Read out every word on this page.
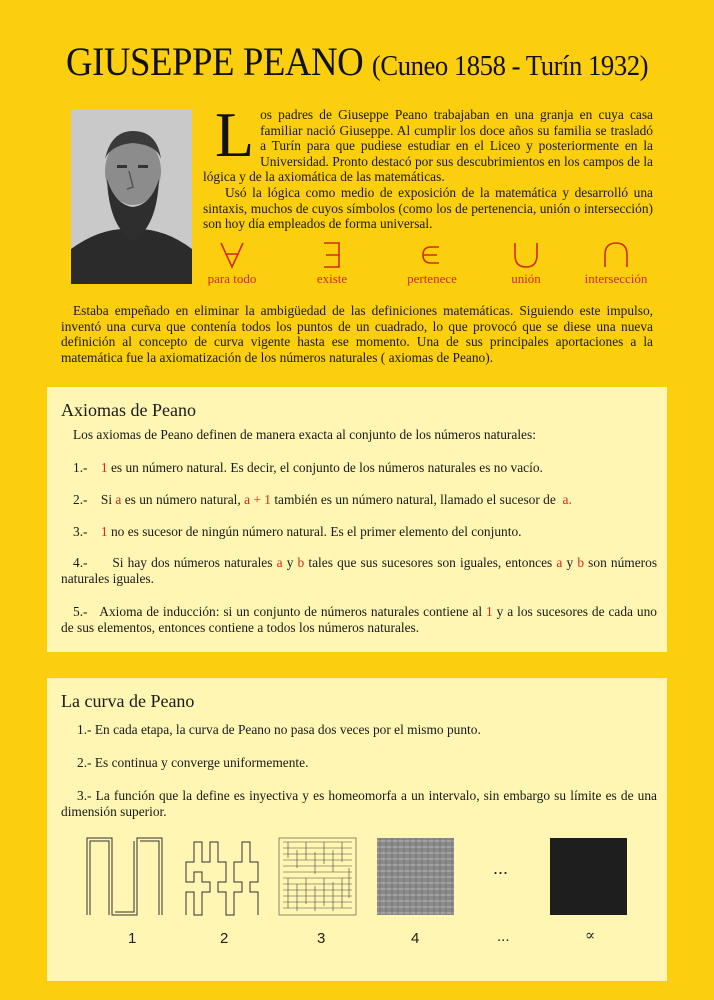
GIUSEPPE PEANO (Cuneo 1858 - Turín 1932)
L os padres de Giuseppe Peano trabajaban en una granja en cuya casa familiar nació Giuseppe. Al cumplir los doce años su familia se trasladó a Turín para que pudiese estudiar en el Liceo y posteriormente en la Universidad. Pronto destacó por sus descubrimientos en los campos de la lógica y de la axiomática de las matemáticas.

Usó la lógica como medio de exposición de la matemática y desarrolló una sintaxis, muchos de cuyos símbolos (como los de pertenencia, unión o intersección) son hoy día empleados de forma universal.

para todo	existe	pertenece	unión	intersección
Estaba empeñado en eliminar la ambigüedad de las definiciones matemáticas. Siguiendo este impulso, inventó una curva que contenía todos los puntos de un cuadrado, lo que provocó que se diese una nueva definición al concepto de curva vigente hasta ese momento. Una de sus principales aportaciones a la matemática fue la axiomatización de los números naturales ( axiomas de Peano).
Axiomas de Peano
Los axiomas de Peano definen de manera exacta al conjunto de los números naturales:
1.- 1 es un número natural. Es decir, el conjunto de los números naturales es no vacío.
2.- Si a es un número natural, a + 1 también es un número natural, llamado el sucesor de  a.
3.- 1 no es sucesor de ningún número natural. Es el primer elemento del conjunto.
4.- Si hay dos números naturales a y b tales que sus sucesores son iguales, entonces a y b son números naturales iguales.
5.- Axioma de inducción: si un conjunto de números naturales contiene al 1 y a los sucesores de cada uno de sus elementos, entonces contiene a todos los números naturales.
La curva de Peano
1.- En cada etapa, la curva de Peano no pasa dos veces por el mismo punto.
2.- Es continua y converge uniformemente.
3.- La función que la define es inyectiva y es homeomorfa a un intervalo, sin embargo su límite es de una dimensión superior.
...
1	2	3	4	...	∝
